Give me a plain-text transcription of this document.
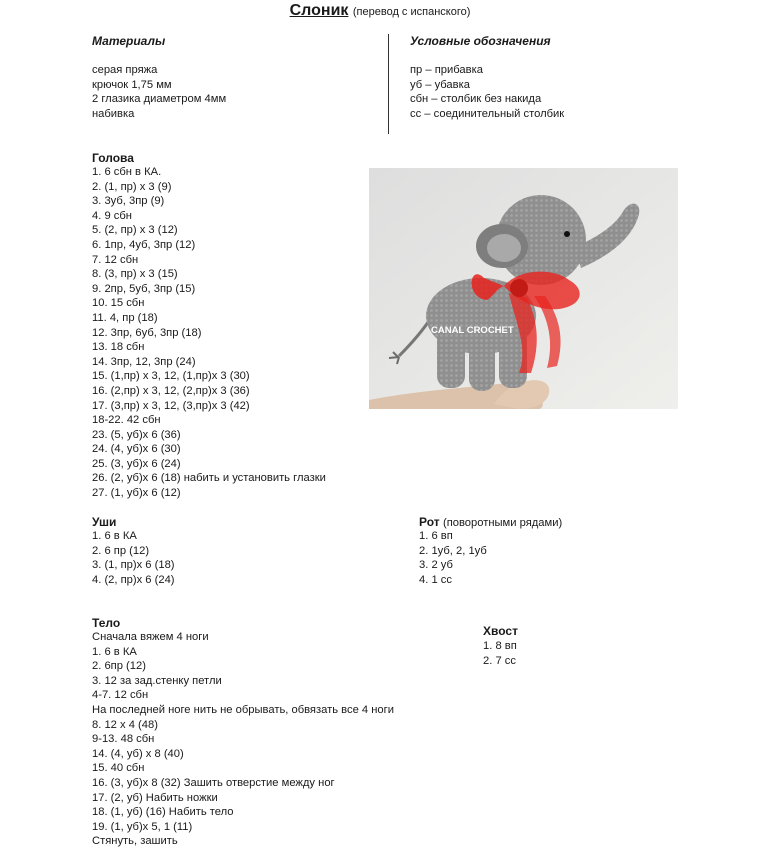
Слоник (перевод с испанского)
Материалы
серая пряжа
крючок 1,75 мм
2 глазика диаметром 4мм
набивка
Условные обозначения
пр – прибавка
уб – убавка
сбн – столбик без накида
сс – соединительный столбик
Голова
1. 6 сбн в КА.
2. (1, пр) х 3 (9)
3. 3уб, 3пр (9)
4. 9 сбн
5. (2, пр) х 3 (12)
6. 1пр, 4уб, 3пр (12)
7. 12 сбн
8. (3, пр) х 3 (15)
9. 2пр, 5уб, 3пр (15)
10. 15 сбн
11. 4, пр (18)
12. 3пр, 6уб, 3пр (18)
13. 18 сбн
14. 3пр, 12, 3пр (24)
15. (1,пр) х 3, 12, (1,пр)х 3 (30)
16. (2,пр) х 3, 12, (2,пр)х 3 (36)
17. (3,пр) х 3, 12, (3,пр)х 3 (42)
18-22. 42 сбн
23. (5, уб)х 6 (36)
24. (4, уб)х 6 (30)
25. (3, уб)х 6 (24)
26. (2, уб)х 6 (18) набить и установить глазки
27. (1, уб)х 6 (12)
CANAL CROCHET
Уши
1. 6 в КА
2. 6 пр (12)
3. (1, пр)х 6 (18)
4. (2, пр)х 6 (24)
Рот (поворотными рядами)
1. 6 вп
2. 1уб, 2, 1уб
3. 2 уб
4. 1 сс
Хвост
1. 8 вп
2. 7 сс
Тело
Сначала вяжем 4 ноги
1. 6 в КА
2. 6пр (12)
3. 12 за зад.стенку петли
4-7. 12 сбн
На последней ноге нить не обрывать, обвязать все 4 ноги
8. 12 х 4 (48)
9-13. 48 сбн
14. (4, уб) х 8 (40)
15. 40 сбн
16. (3, уб)х 8 (32) Зашить отверстие между ног
17. (2, уб) Набить ножки
18. (1, уб) (16) Набить тело
19. (1, уб)х 5, 1 (11)
Стянуть, зашить
